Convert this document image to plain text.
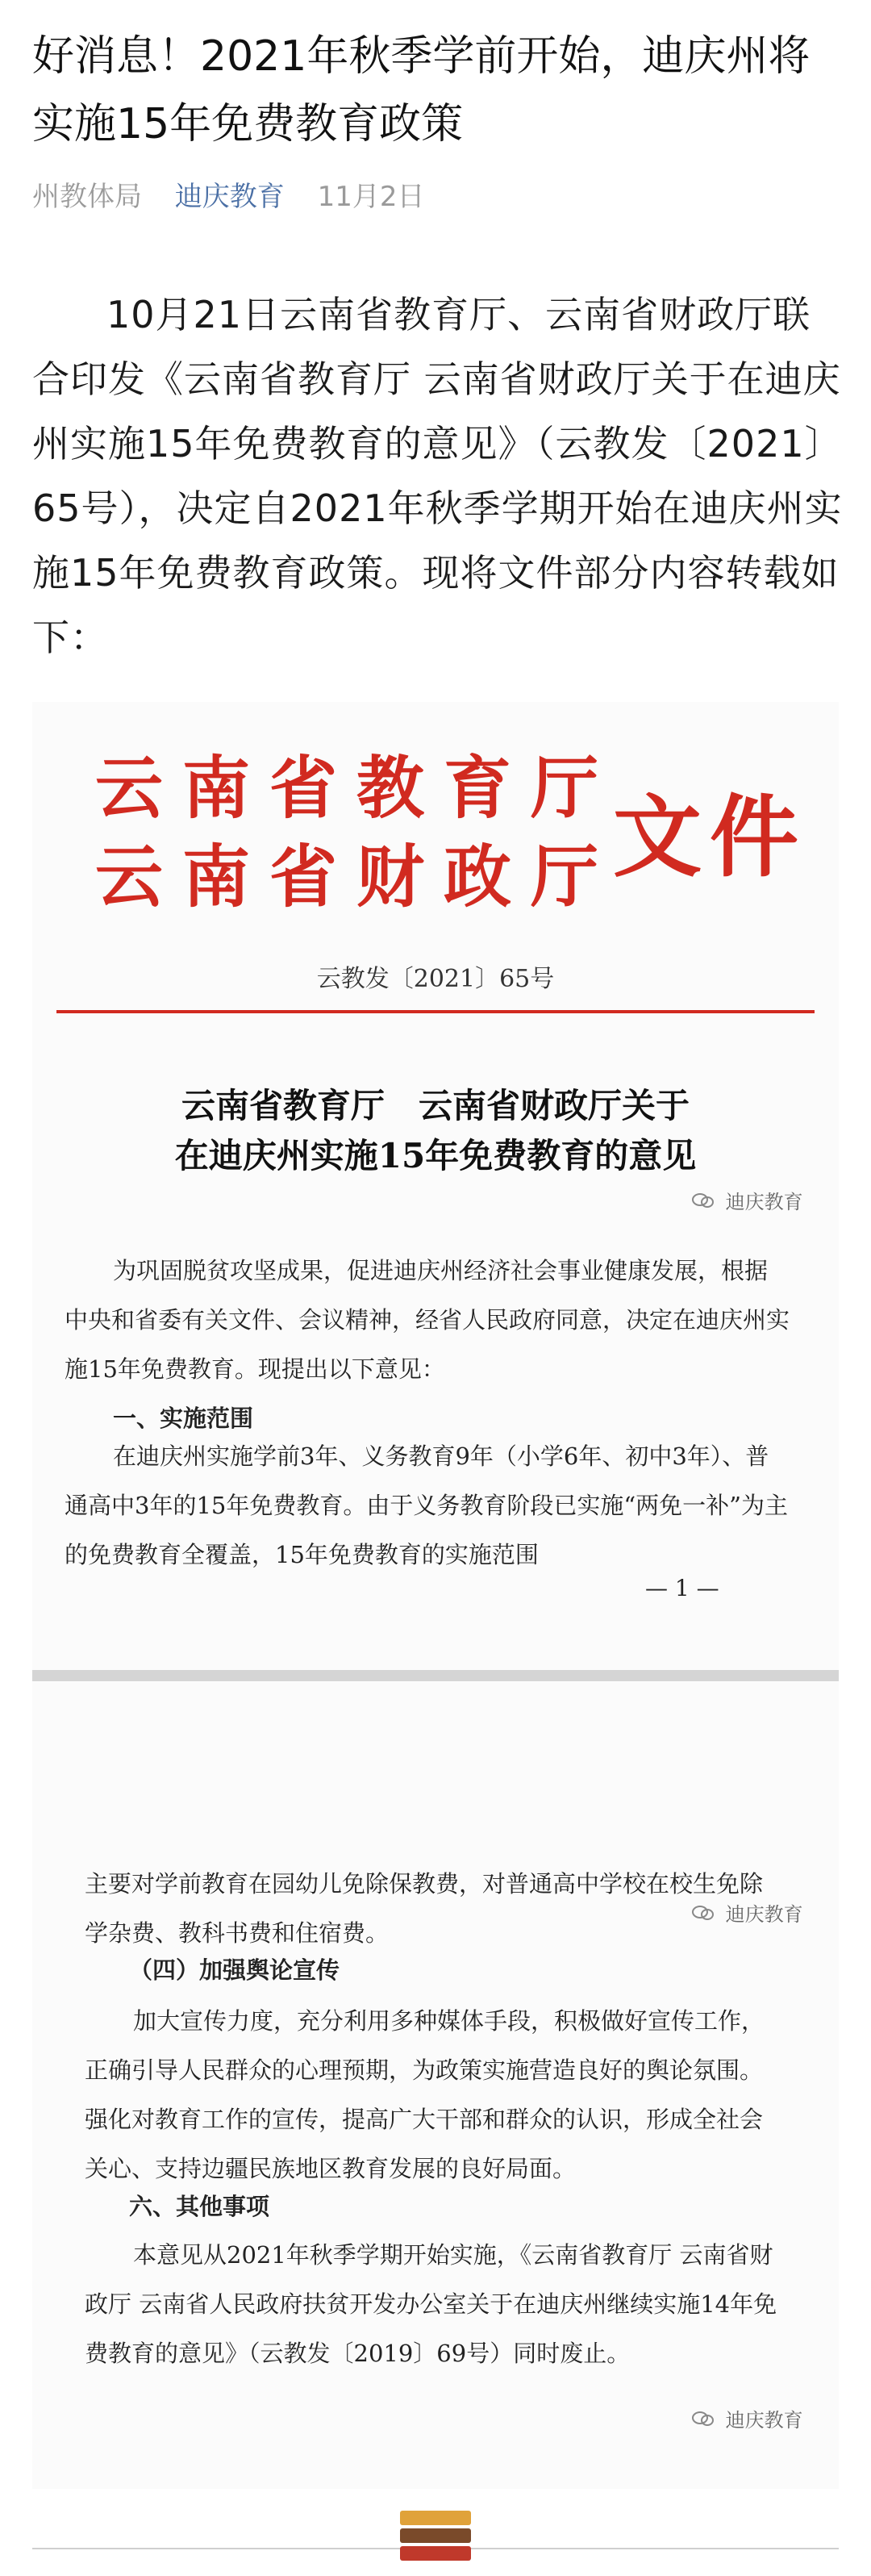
好消息！2021年秋季学前开始，迪庆州将实施15年免费教育政策
州教体局 迪庆教育 11月2日

10月21日云南省教育厅、云南省财政厅联合印发《云南省教育厅 云南省财政厅关于在迪庆州实施15年免费教育的意见》（云教发〔2021〕65号），决定自2021年秋季学期开始在迪庆州实施15年免费教育政策。现将文件部分内容转载如下：

云南省教育厅
云南省财政厅
文件
云教发〔2021〕65号
云南省教育厅　云南省财政厅关于
在迪庆州实施15年免费教育的意见
迪庆教育

为巩固脱贫攻坚成果，促进迪庆州经济社会事业健康发展，根据中央和省委有关文件、会议精神，经省人民政府同意，决定在迪庆州实施15年免费教育。现提出以下意见：

一、实施范围

在迪庆州实施学前3年、义务教育9年（小学6年、初中3年）、普通高中3年的15年免费教育。由于义务教育阶段已实施“两免一补”为主的免费教育全覆盖，15年免费教育的实施范围

— 1 —

主要对学前教育在园幼儿免除保教费，对普通高中学校在校生免除学杂费、教科书费和住宿费。

迪庆教育
（四）加强舆论宣传

加大宣传力度，充分利用多种媒体手段，积极做好宣传工作，正确引导人民群众的心理预期，为政策实施营造良好的舆论氛围。强化对教育工作的宣传，提高广大干部和群众的认识，形成全社会关心、支持边疆民族地区教育发展的良好局面。

六、其他事项

本意见从2021年秋季学期开始实施，《云南省教育厅 云南省财政厅 云南省人民政府扶贫开发办公室关于在迪庆州继续实施14年免费教育的意见》（云教发〔2019〕69号）同时废止。

迪庆教育
